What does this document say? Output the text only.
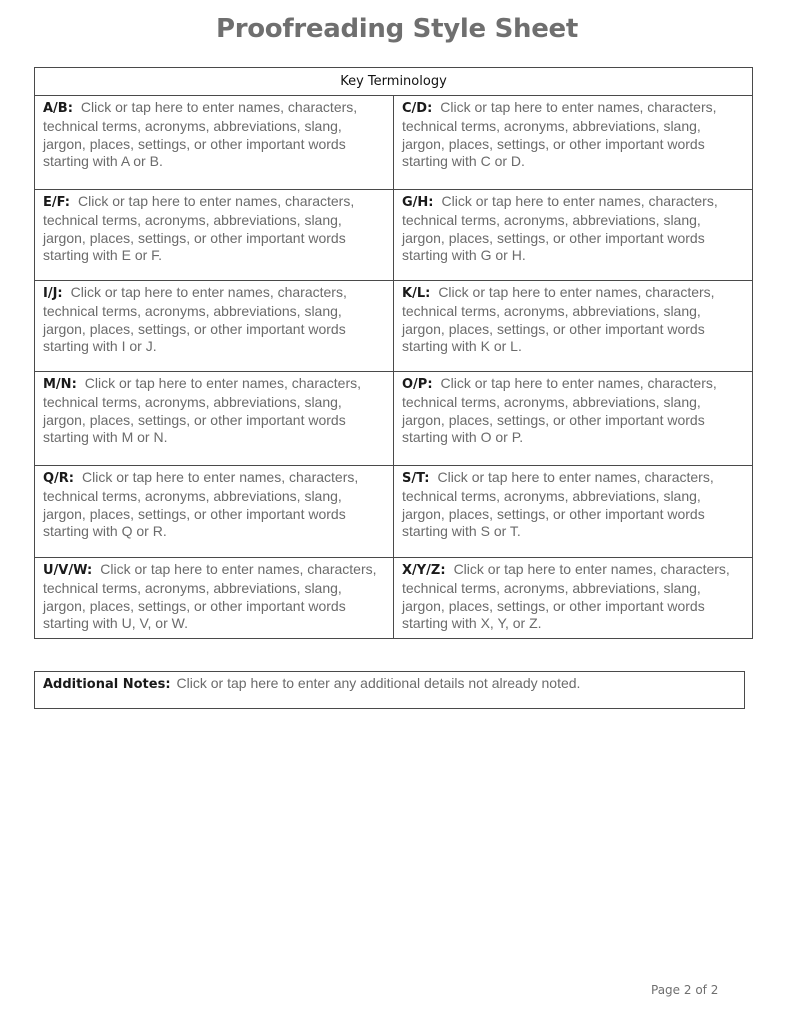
Proofreading Style Sheet
Key Terminology	
A/B: Click or tap here to enter names, characters, technical terms, acronyms, abbreviations, slang, jargon, places, settings, or other important words starting with A or B.	C/D: Click or tap here to enter names, characters, technical terms, acronyms, abbreviations, slang, jargon, places, settings, or other important words starting with C or D.
E/F: Click or tap here to enter names, characters, technical terms, acronyms, abbreviations, slang, jargon, places, settings, or other important words starting with E or F.	G/H: Click or tap here to enter names, characters, technical terms, acronyms, abbreviations, slang, jargon, places, settings, or other important words starting with G or H.
I/J: Click or tap here to enter names, characters, technical terms, acronyms, abbreviations, slang, jargon, places, settings, or other important words starting with I or J.	K/L: Click or tap here to enter names, characters, technical terms, acronyms, abbreviations, slang, jargon, places, settings, or other important words starting with K or L.
M/N: Click or tap here to enter names, characters, technical terms, acronyms, abbreviations, slang, jargon, places, settings, or other important words starting with M or N.	O/P: Click or tap here to enter names, characters, technical terms, acronyms, abbreviations, slang, jargon, places, settings, or other important words starting with O or P.
Q/R: Click or tap here to enter names, characters, technical terms, acronyms, abbreviations, slang, jargon, places, settings, or other important words starting with Q or R.	S/T: Click or tap here to enter names, characters, technical terms, acronyms, abbreviations, slang, jargon, places, settings, or other important words starting with S or T.
U/V/W: Click or tap here to enter names, characters, technical terms, acronyms, abbreviations, slang, jargon, places, settings, or other important words starting with U, V, or W.	X/Y/Z: Click or tap here to enter names, characters, technical terms, acronyms, abbreviations, slang, jargon, places, settings, or other important words starting with X, Y, or Z.
Additional Notes: Click or tap here to enter any additional details not already noted.
Page 2 of 2
